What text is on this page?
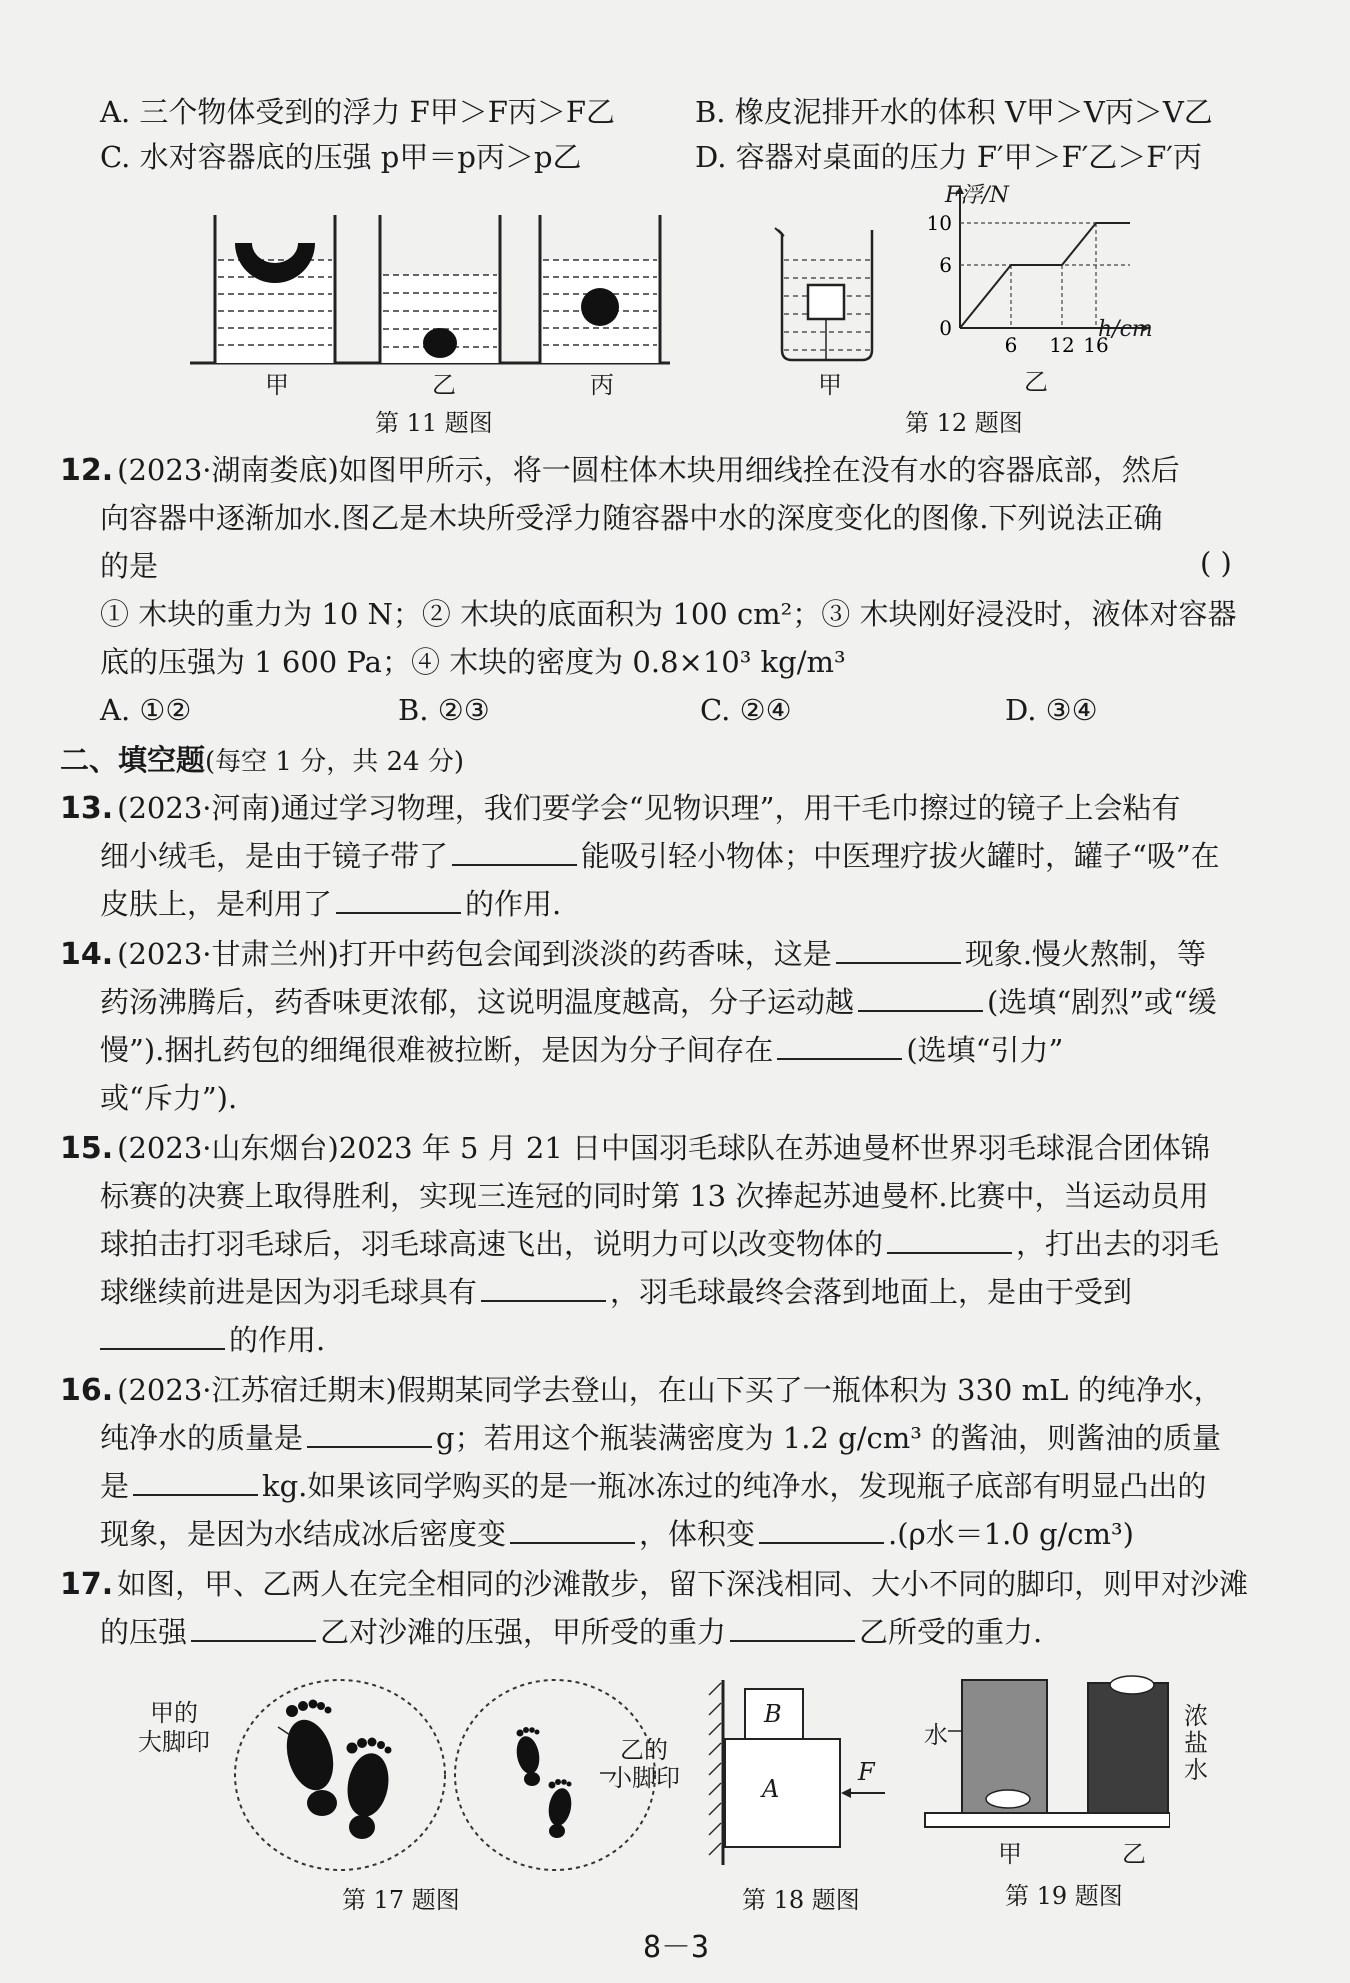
A. 三个物体受到的浮力 F甲＞F丙＞F乙	B. 橡皮泥排开水的体积 V甲＞V丙＞V乙
C. 水对容器底的压强 p甲＝p丙＞p乙	D. 容器对桌面的压力 F′甲＞F′乙＞F′丙
甲	乙	丙
第 11 题图
甲
0
6
10
6 12 16
F浮/N
h/cm
乙
第 12 题图
12. (2023·湖南娄底)如图甲所示，将一圆柱体木块用细线拴在没有水的容器底部，然后
向容器中逐渐加水.图乙是木块所受浮力随容器中水的深度变化的图像.下列说法正确
的是	( )
① 木块的重力为 10 N；② 木块的底面积为 100 cm²；③ 木块刚好浸没时，液体对容器
底的压强为 1 600 Pa；④ 木块的密度为 0.8×10³ kg/m³
A. ①②	B. ②③	C. ②④	D. ③④
二、填空题(每空 1 分，共 24 分)
13. (2023·河南)通过学习物理，我们要学会“见物识理”，用干毛巾擦过的镜子上会粘有
细小绒毛，是由于镜子带了	能吸引轻小物体；中医理疗拔火罐时，罐子“吸”在
皮肤上，是利用了	的作用.
14. (2023·甘肃兰州)打开中药包会闻到淡淡的药香味，这是	现象.慢火熬制，等
药汤沸腾后，药香味更浓郁，这说明温度越高，分子运动越	(选填“剧烈”或“缓
慢”).捆扎药包的细绳很难被拉断，是因为分子间存在	(选填“引力”
或“斥力”).
15. (2023·山东烟台)2023 年 5 月 21 日中国羽毛球队在苏迪曼杯世界羽毛球混合团体锦
标赛的决赛上取得胜利，实现三连冠的同时第 13 次捧起苏迪曼杯.比赛中，当运动员用
球拍击打羽毛球后，羽毛球高速飞出，说明力可以改变物体的	，打出去的羽毛
球继续前进是因为羽毛球具有	，羽毛球最终会落到地面上，是由于受到
的作用.
16. (2023·江苏宿迁期末)假期某同学去登山，在山下买了一瓶体积为 330 mL 的纯净水，
纯净水的质量是	g；若用这个瓶装满密度为 1.2 g/cm³ 的酱油，则酱油的质量
是	kg.如果该同学购买的是一瓶冰冻过的纯净水，发现瓶子底部有明显凸出的
现象，是因为水结成冰后密度变	，体积变	.(ρ水＝1.0 g/cm³)
17. 如图，甲、乙两人在完全相同的沙滩散步，留下深浅相同、大小不同的脚印，则甲对沙滩
的压强	乙对沙滩的压强，甲所受的重力	乙所受的重力.
甲的
大脚印	乙的
小脚印
第 17 题图
B
A
F
第 18 题图
水
浓
盐
水
甲	乙
第 19 题图
8－3
